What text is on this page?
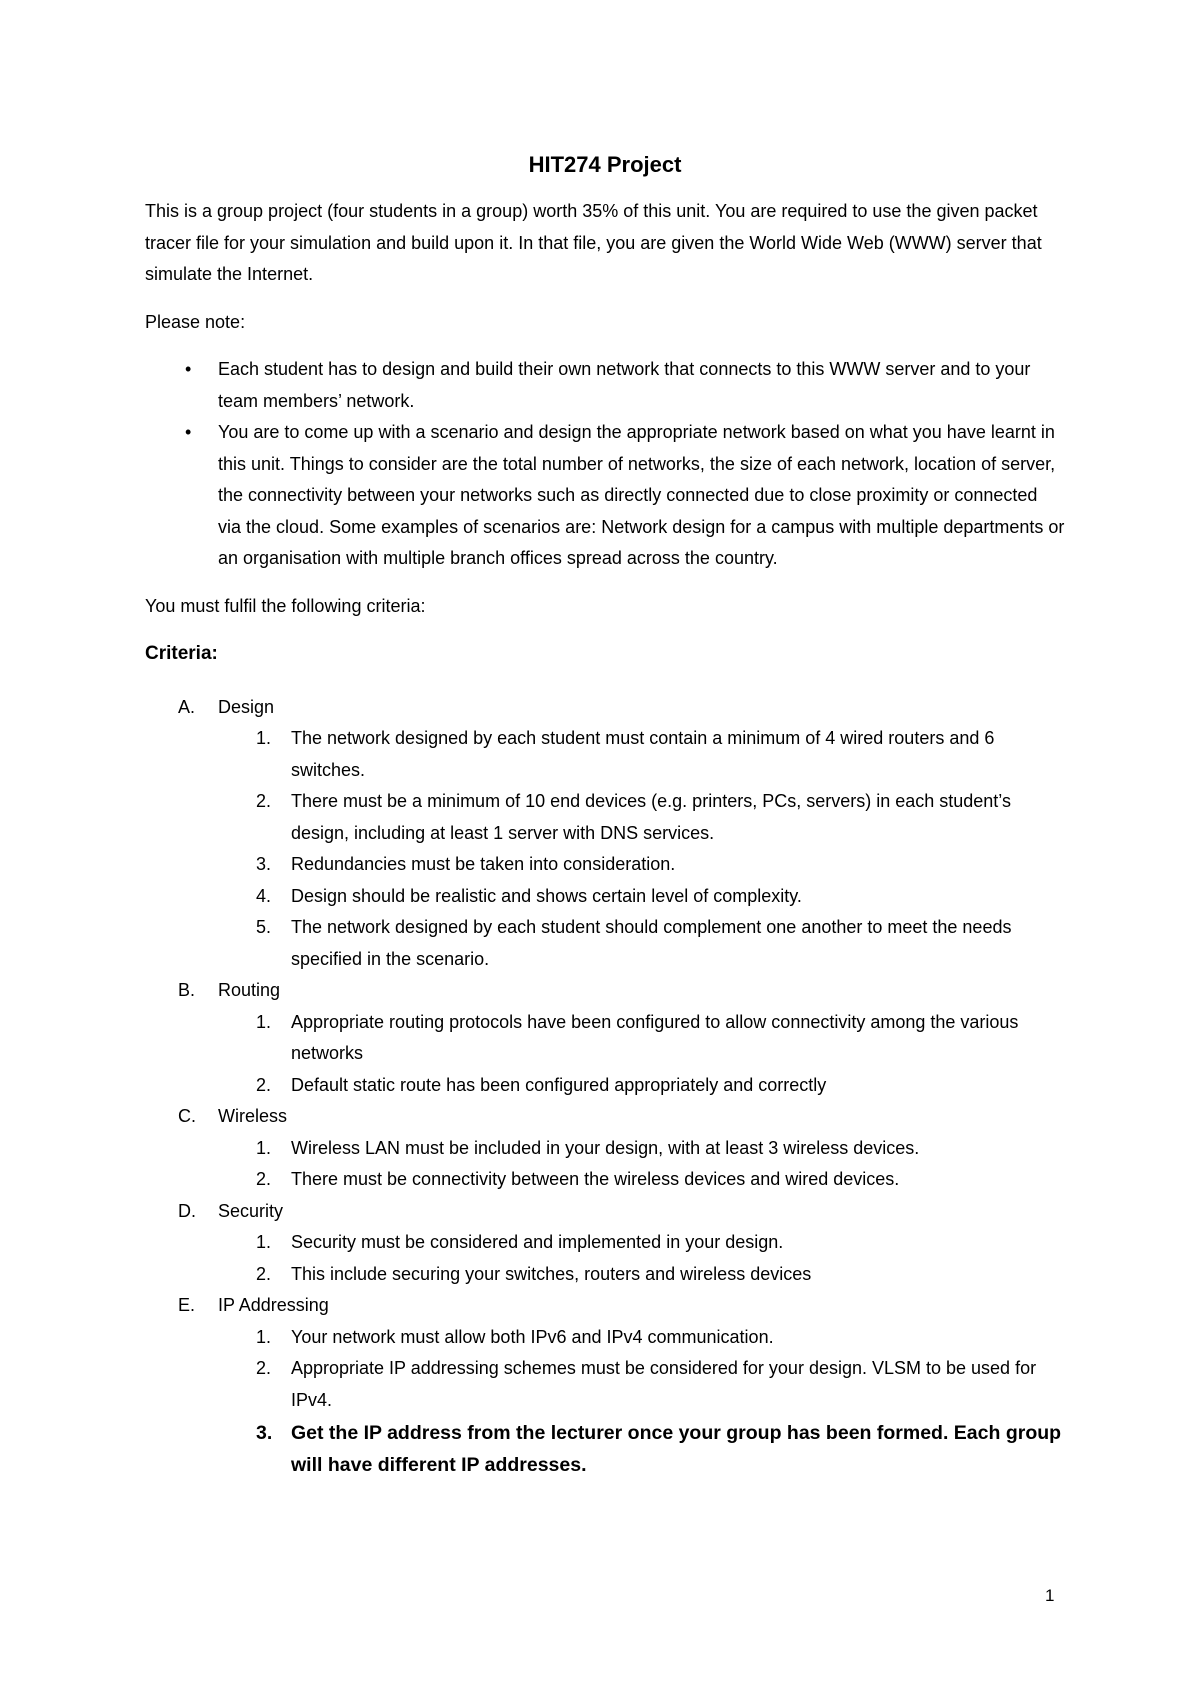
HIT274 Project

This is a group project (four students in a group) worth 35% of this unit. You are required to use the given packet tracer file for your simulation and build upon it. In that file, you are given the World Wide Web (WWW) server that simulate the Internet.

Please note:

• Each student has to design and build their own network that connects to this WWW server and to your team members’ network.
• You are to come up with a scenario and design the appropriate network based on what you have learnt in this unit. Things to consider are the total number of networks, the size of each network, location of server, the connectivity between your networks such as directly connected due to close proximity or connected via the cloud. Some examples of scenarios are: Network design for a campus with multiple departments or an organisation with multiple branch offices spread across the country.

You must fulfil the following criteria:

Criteria:
A. Design
1. The network designed by each student must contain a minimum of 4 wired routers and 6 switches.
2. There must be a minimum of 10 end devices (e.g. printers, PCs, servers) in each student’s design, including at least 1 server with DNS services.
3. Redundancies must be taken into consideration.
4. Design should be realistic and shows certain level of complexity.
5. The network designed by each student should complement one another to meet the needs specified in the scenario.
B. Routing
1. Appropriate routing protocols have been configured to allow connectivity among the various networks
2. Default static route has been configured appropriately and correctly
C. Wireless
1. Wireless LAN must be included in your design, with at least 3 wireless devices.
2. There must be connectivity between the wireless devices and wired devices.
D. Security
1. Security must be considered and implemented in your design.
2. This include securing your switches, routers and wireless devices
E. IP Addressing
1. Your network must allow both IPv6 and IPv4 communication.
2. Appropriate IP addressing schemes must be considered for your design. VLSM to be used for IPv4.
3. Get the IP address from the lecturer once your group has been formed. Each group will have different IP addresses.
1
